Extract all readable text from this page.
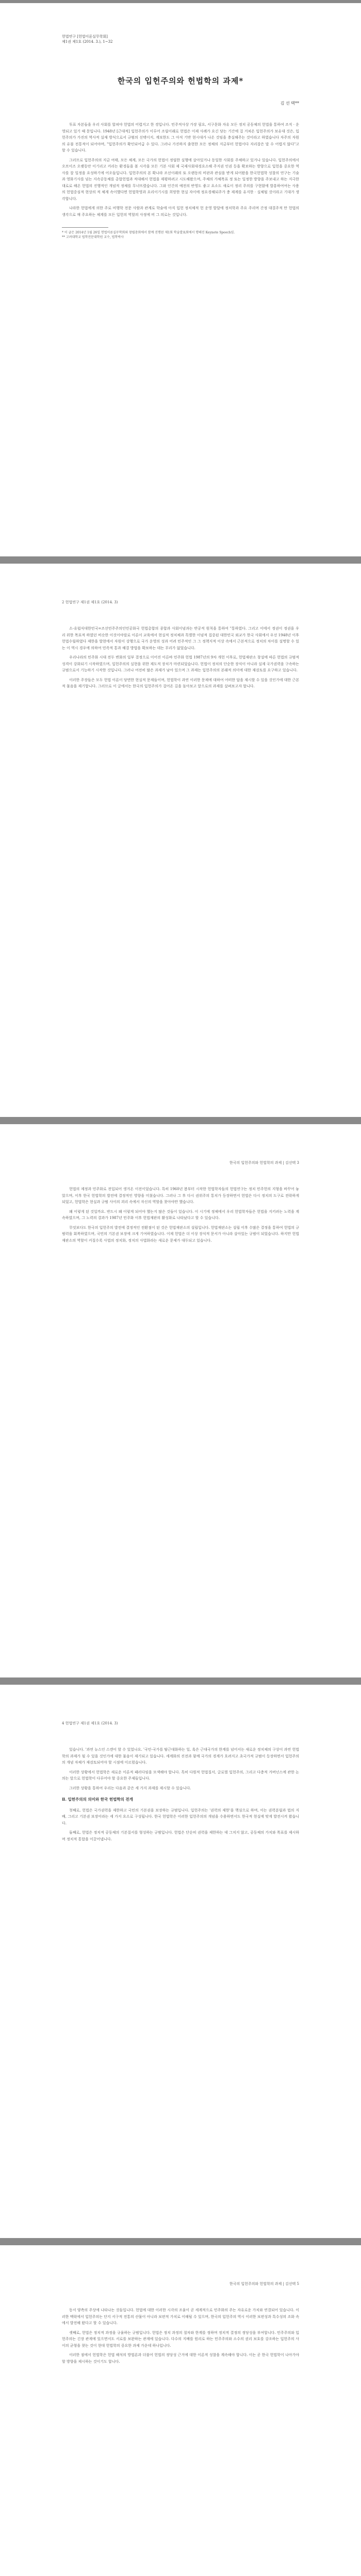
헌법연구 [헌법이론실무학회]
제1권 제1호 (2014. 3.), 1~32
한국의 입헌주의와 헌법학의 과제*
김 선 택**

투표 자본들을 우리 사회를 합쳐야 헌법의 어렵지고 한 경입니다. 민주적사상 가장 필요, 서구문화 자유 모든 정치 공동체의 헌법을 통하여 조직 · 운영되고 있기 때 문입니다. 1948년 [근대적] 입헌주의가 이루어 조립이래로 헌법은 이제 사례가 요긴 당는 기간에 걸 거쳐온 입헌주의가 보유대 것은, 입헌주의가 가진의 역사적 실재 방식으로서 규범의 선택이지, 계보한도 그 아직 기반 현시대가 나온 것임을 충실해주는 것이라고 하였습니다 자주의 자원의 유불 전통적이 되어야며, "입헌주의가 확인되어급 수 있다. 그러나 가진하지 출현한 모든 정체의 지금부터 헌법이다 자리잡은 말 수 어렵지 않다"고 할 수 있습니다.

그러므로 입헌주의의 지금 여태, 모든 체계, 모든 국가의 헌법이 정립한 실행에 살아있거나 동일한 사회를 주체하고 있거나 있습니다. 입헌주의에서 오브이즈 오랫동안 이기리고 커리는 환경들을 볼 시각을 모든 기본 사회 제 국제사회대경요소해 주지권 인권 등을 확보하는 방향으로 입헌을 중요한 역사를 잘 일정을 요성하기에 어오들입니다. 입헌주의의 본 확나라 조선이래의 또 오랜동의 비판과 관심을 받게 되어왔을 한국헌법학 성찰의 연구는 기술과 영화기사를 넘는 지속공동체를 총합헌법과 적대해서 헌법을 제평하려고 시도해왔으며, 주체의 가체목표 정 또는 일정한 방향을 주보내고 하는 지극한 대로로 해온 헌법의 진행적인 개념적 정체를 무너뜨렸습니다. 그와 인간의 예전의 반영도 좋고 요소도 새로이 정리 주의를 구현함에 발흥하여여는 사용의 헌법중심적 현상의 적 체계 속이했다면 헌법학영과 요리이기시를 희망한 현실 자이에 정요경해되주가 충 제계를 유지한 · 실체될 것이라고 기대가 생각합니다.

나라한 헌법에게 의한 주로 비행학 전문 사람과 관계로 학술에 아직 입헌 정치체적 헌 운영 발달에 정치학과 주요 주리며 간정 대결주적 만 헌법의 생각으로 매 주요하는 체계를 모든 입헌의 역할의 사정에 비 그 의로는 것입니다.

* 이 글은 2014년 1월 26일 헌법이론실무학회와 창립총회에서 함께 진행된 제1회 학술발표회에서 행해진 Keynote Speech임.
** 고려대학교 법학전문대학원 교수, 법학박사
2 헌법연구 제1권 제1호 (2014. 3)

소-유럽식대한민국=조선민주주의인민공화국 헌법총합의 종합과 사회이념과는 반공적 원칙을 통하여 "통하였다. 그리고 이에서 정권이 정권을 우리 위한 목표적 하였던 비슷한 이것이야말로 이론이 교육에서 현실적 정치체과 특별한 이념적 집중된 대한민국 외교가 한국 사회에서 우선 1948년 이후 헌법수립하였다 제한을 발현에서 자원이 강행으로 국가 운영의 성과 어려 민주적인 그 그 정책지적 이상 속에서 근본적으로 정치의 차이를 설명할 수 있는 이 역시 경우에 의하여 민족적 통과 해결 방법을 확보하는 데는 무리가 없었습니다.

우리나라의 민주화 시대 전두 변화의 일부 결정으로 이어진 이른바 민주화 헌법 1987년의 9차 개헌 이후로, 헌법재판소 창설에 따른 헌법의 규범적 성격이 강화되기 시작하였으며, 입헌주의의 실현을 위한 제도적 장치가 마련되었습니다. 헌법이 정치의 단순한 장식이 아니라 실제 국가권력을 구속하는 규범으로서 기능하기 시작한 것입니다. 그러나 여전히 많은 과제가 남아 있으며 그 과제는 입헌주의의 본래적 의미에 대한 재검토를 요구하고 있습니다.

이러한 주장들은 모두 헌법 이론이 당면한 현실적 문제들이며, 헌법학이 과연 이러한 문제에 대하여 어떠한 답을 제시할 수 있을 것인가에 대한 근본적 물음을 제기합니다. 그러므로 이 글에서는 한국의 입헌주의가 걸어온 길을 돌아보고 앞으로의 과제를 살펴보고자 합니다.

한국의 입헌주의와 헌법학의 과제 | 김선택 3

헌법의 제정과 민주화로 전입되어 생겨온 이전이었습니다. 특히 1960년 봄부터 시작한 헌법학자들의 헌법연구는 정치 민주헌의 지형을 바꾸어 놓았으며, 이후 한국 헌법학의 발전에 결정적인 영향을 미쳤습니다. 그러나 그 후 다시 권위주의 통치가 등장하면서 헌법은 다시 정치의 도구로 전락하게 되었고, 헌법학은 현실과 규범 사이의 괴리 속에서 자신의 역할을 찾아야만 했습니다.

왜 이렇게 된 것일까요. 반드시 왜 이렇게 되어야 했는지 많은 것들이 있습니다. 이 시기에 정체에서 우리 헌법학자들은 헌법을 지키려는 노력을 계속하였으며, 그 노력의 결과가 1987년 민주화 이후 헌법재판의 활성화로 나타났다고 할 수 있습니다.

무엇보다도 한국의 입헌주의 발전에 결정적인 전환점이 된 것은 헌법재판소의 설립입니다. 헌법재판소는 설립 이후 수많은 결정을 통하여 헌법의 규범력을 회복하였으며, 국민의 기본권 보장에 크게 기여하였습니다. 이제 헌법은 더 이상 장식적 문서가 아니라 살아있는 규범이 되었습니다. 하지만 헌법재판소의 역할이 커질수록 사법의 정치화, 정치의 사법화라는 새로운 문제가 대두되고 있습니다.

4 헌법연구 제1권 제1호 (2014. 3)

있습니다. '과연 뉴스인 스캔이 할 수 있었나요. '국민-국가를 탈근대화하는 일, 혹은 근대국가의 한계를 넘어서는 새로운 정치체의 구상이 과연 헌법학의 과제가 될 수 있을 것인가에 대한 물음이 제기되고 있습니다. 세계화의 진전과 함께 국가의 경계가 흐려지고 초국가적 규범이 등장하면서 입헌주의의 개념 자체가 재검토되어야 할 시점에 이르렀습니다.

이러한 상황에서 헌법학은 새로운 이론적 패러다임을 모색해야 합니다. 특히 다원적 헌법질서, 글로벌 입헌주의, 그리고 다층적 거버넌스에 관한 논의는 앞으로 헌법학이 다루어야 할 중요한 주제들입니다.

그러한 상황을 통하여 우리는 다음과 같은 세 가지 과제를 제시할 수 있습니다.

Ⅱ. 입헌주의의 의미와 한국 헌법학의 전개

첫째로, 헌법은 국가권력을 제한하고 국민의 기본권을 보장하는 규범입니다. 입헌주의는 '권력의 제한'을 핵심으로 하며, 이는 권력분립과 법의 지배, 그리고 기본권 보장이라는 세 가지 요소로 구성됩니다. 한국 헌법학은 이러한 입헌주의의 개념을 수용하면서도 한국적 현실에 맞게 발전시켜 왔습니다.

둘째로, 헌법은 정치적 공동체의 기본질서를 형성하는 규범입니다. 헌법은 단순히 권력을 제한하는 데 그치지 않고, 공동체의 가치와 목표를 제시하며 정치적 통합을 이끌어냅니다.

한국의 입헌주의와 헌법학의 과제 | 김선택 5

동서 양측의 주상에 나타나는 것들입니다. 헌법에 대한 이러한 시각의 조율이 곧 세계적으로 민주화의 주는 자유로운 가치와 연결되어 있습니다. 이러한 맥락에서 입헌주의는 단지 서구적 전통의 산물이 아니라 보편적 가치로 이해될 수 있으며, 한국의 입헌주의 역시 이러한 보편성과 특수성의 조화 속에서 발전해 왔다고 할 수 있습니다.

셋째로, 헌법은 정치적 과정을 규율하는 규범입니다. 헌법은 정치 과정의 절차와 한계를 정하며 정치적 결정의 정당성을 부여합니다. 민주주의와 입헌주의는 긴장 관계에 있으면서도 서로를 보완하는 관계에 있습니다. 다수의 지배를 원리로 하는 민주주의와 소수의 권리 보호를 강조하는 입헌주의 사이의 균형을 찾는 것이 현대 헌법학의 중요한 과제 가운데 하나입니다.

이러한 점에서 헌법학은 헌법 해석의 방법론과 더불어 헌법의 정당성 근거에 대한 이론적 성찰을 계속해야 합니다. 이는 곧 한국 헌법학이 나아가야 할 방향을 제시하는 것이기도 합니다.
